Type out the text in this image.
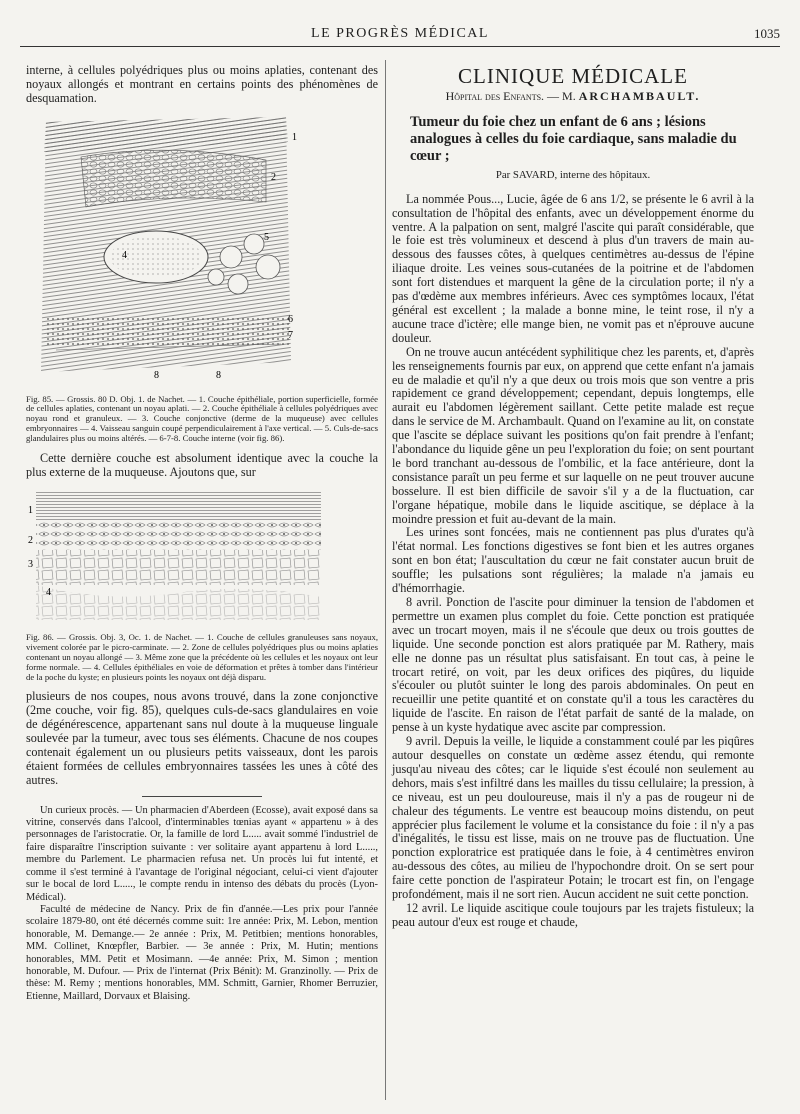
LE PROGRÈS MÉDICAL	1035

interne, à cellules polyédriques plus ou moins aplaties, contenant des noyaux allongés et montrant en certains points des phénomènes de desquamation.

1
2
4
5
6
7
8	8

Fig. 85. — Grossis. 80 D. Obj. 1. de Nachet. — 1. Couche épithéliale, portion superficielle, formée de cellules aplaties, contenant un noyau aplati. — 2. Couche épithéliale à cellules polyédriques avec noyau rond et granuleux. — 3. Couche conjonctive (derme de la muqueuse) avec cellules embryonnaires — 4. Vaisseau sanguin coupé perpendiculairement à l'axe vertical. — 5. Culs-de-sacs glandulaires plus ou moins altérés. — 6-7-8. Couche interne (voir fig. 86).

Cette dernière couche est absolument identique avec la couche la plus externe de la muqueuse. Ajoutons que, sur

1
2
3
4

Fig. 86. — Grossis. Obj. 3, Oc. 1. de Nachet. — 1. Couche de cellules granuleuses sans noyaux, vivement colorée par le picro-carminate. — 2. Zone de cellules polyédriques plus ou moins aplaties contenant un noyau allongé — 3. Même zone que la précédente où les cellules et les noyaux ont leur forme normale. — 4. Cellules épithéliales en voie de déformation et prêtes à tomber dans l'intérieur de la poche du kyste; en plusieurs points les noyaux ont déjà disparu.

plusieurs de nos coupes, nous avons trouvé, dans la zone conjonctive (2me couche, voir fig. 85), quelques culs-de-sacs glandulaires en voie de dégénérescence, appartenant sans nul doute à la muqueuse linguale soulevée par la tumeur, avec tous ses éléments. Chacune de nos coupes contenait également un ou plusieurs petits vaisseaux, dont les parois étaient formées de cellules embryonnaires tassées les unes à côté des autres.

Un curieux procès. — Un pharmacien d'Aberdeen (Ecosse), avait exposé dans sa vitrine, conservés dans l'alcool, d'interminables tœnias ayant « appartenu » à des personnages de l'aristocratie. Or, la famille de lord L..... avait sommé l'industriel de faire disparaître l'inscription suivante : ver solitaire ayant appartenu à lord L....., membre du Parlement. Le pharmacien refusa net. Un procès lui fut intenté, et comme il s'est terminé à l'avantage de l'original négociant, celui-ci vient d'ajouter sur le bocal de lord L....., le compte rendu in intenso des débats du procès (Lyon-Médical).

Faculté de médecine de Nancy. Prix de fin d'année.—Les prix pour l'année scolaire 1879-80, ont été décernés comme suit: 1re année: Prix, M. Lebon, mention honorable, M. Demange.— 2e année : Prix, M. Petitbien; mentions honorables, MM. Collinet, Knœpfler, Barbier. — 3e année : Prix, M. Hutin; mentions honorables, MM. Petit et Mosimann. —4e année: Prix, M. Simon ; mention honorable, M. Dufour. — Prix de l'internat (Prix Bénit): M. Granzinolly. — Prix de thèse: M. Remy ; mentions honorables, MM. Schmitt, Garnier, Rhomer Berruzier, Etienne, Maillard, Dorvaux et Blaising.

CLINIQUE MÉDICALE
Hôpital des Enfants. — M. ARCHAMBAULT.
Tumeur du foie chez un enfant de 6 ans ; lésions analogues à celles du foie cardiaque, sans maladie du cœur ;
Par SAVARD, interne des hôpitaux.

La nommée Pous..., Lucie, âgée de 6 ans 1/2, se présente le 6 avril à la consultation de l'hôpital des enfants, avec un développement énorme du ventre. A la palpation on sent, malgré l'ascite qui paraît considérable, que le foie est très volumineux et descend à plus d'un travers de main au-dessous des fausses côtes, à quelques centimètres au-dessus de l'épine iliaque droite. Les veines sous-cutanées de la poitrine et de l'abdomen sont fort distendues et marquent la gêne de la circulation porte; il n'y a pas d'œdème aux membres inférieurs. Avec ces symptômes locaux, l'état général est excellent ; la malade a bonne mine, le teint rose, il n'y a aucune trace d'ictère; elle mange bien, ne vomit pas et n'éprouve aucune douleur.

On ne trouve aucun antécédent syphilitique chez les parents, et, d'après les renseignements fournis par eux, on apprend que cette enfant n'a jamais eu de maladie et qu'il n'y a que deux ou trois mois que son ventre a pris rapidement ce grand développement; cependant, depuis longtemps, elle aurait eu l'abdomen légèrement saillant. Cette petite malade est reçue dans le service de M. Archambault. Quand on l'examine au lit, on constate que l'ascite se déplace suivant les positions qu'on fait prendre à l'enfant; l'abondance du liquide gêne un peu l'exploration du foie; on sent pourtant le bord tranchant au-dessous de l'ombilic, et la face antérieure, dont la consistance paraît un peu ferme et sur laquelle on ne peut trouver aucune bosselure. Il est bien difficile de savoir s'il y a de la fluctuation, car l'organe hépatique, mobile dans le liquide ascitique, se déplace à la moindre pression et fuit au-devant de la main.

Les urines sont foncées, mais ne contiennent pas plus d'urates qu'à l'état normal. Les fonctions digestives se font bien et les autres organes sont en bon état; l'auscultation du cœur ne fait constater aucun bruit de souffle; les pulsations sont régulières; la malade n'a jamais eu d'hémorrhagie.

8 avril. Ponction de l'ascite pour diminuer la tension de l'abdomen et permettre un examen plus complet du foie. Cette ponction est pratiquée avec un trocart moyen, mais il ne s'écoule que deux ou trois gouttes de liquide. Une seconde ponction est alors pratiquée par M. Rathery, mais elle ne donne pas un résultat plus satisfaisant. En tout cas, à peine le trocart retiré, on voit, par les deux orifices des piqûres, du liquide s'écouler ou plutôt suinter le long des parois abdominales. On peut en recueillir une petite quantité et on constate qu'il a tous les caractères du liquide de l'ascite. En raison de l'état parfait de santé de la malade, on pense à un kyste hydatique avec ascite par compression.

9 avril. Depuis la veille, le liquide a constamment coulé par les piqûres autour desquelles on constate un œdème assez étendu, qui remonte jusqu'au niveau des côtes; car le liquide s'est écoulé non seulement au dehors, mais s'est infiltré dans les mailles du tissu cellulaire; la pression, à ce niveau, est un peu douloureuse, mais il n'y a pas de rougeur ni de chaleur des téguments. Le ventre est beaucoup moins distendu, on peut apprécier plus facilement le volume et la consistance du foie : il n'y a pas d'inégalités, le tissu est lisse, mais on ne trouve pas de fluctuation. Une ponction exploratrice est pratiquée dans le foie, à 4 centimètres environ au-dessous des côtes, au milieu de l'hypochondre droit. On se sert pour faire cette ponction de l'aspirateur Potain; le trocart est fin, on l'engage profondément, mais il ne sort rien. Aucun accident ne suit cette ponction.

12 avril. Le liquide ascitique coule toujours par les trajets fistuleux; la peau autour d'eux est rouge et chaude,
